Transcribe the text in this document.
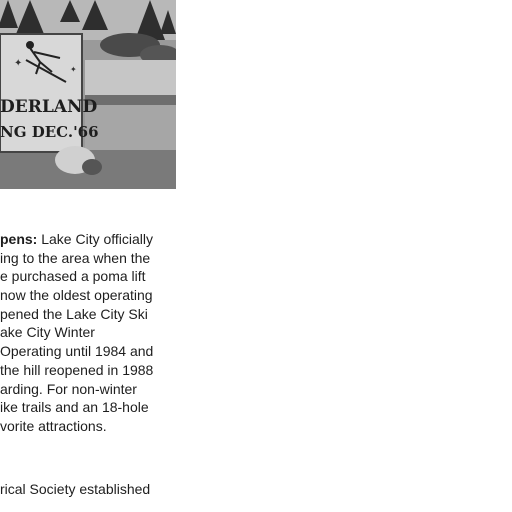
✦
✦
DERLAND
NG DEC.'66
pens: Lake City officially
ing to the area when the
e purchased a poma lift
now the oldest operating
pened the Lake City Ski
ake City Winter
Operating until 1984 and
the hill reopened in 1988
arding. For non-winter
ike trails and an 18-hole
vorite attractions.
rical Society established
